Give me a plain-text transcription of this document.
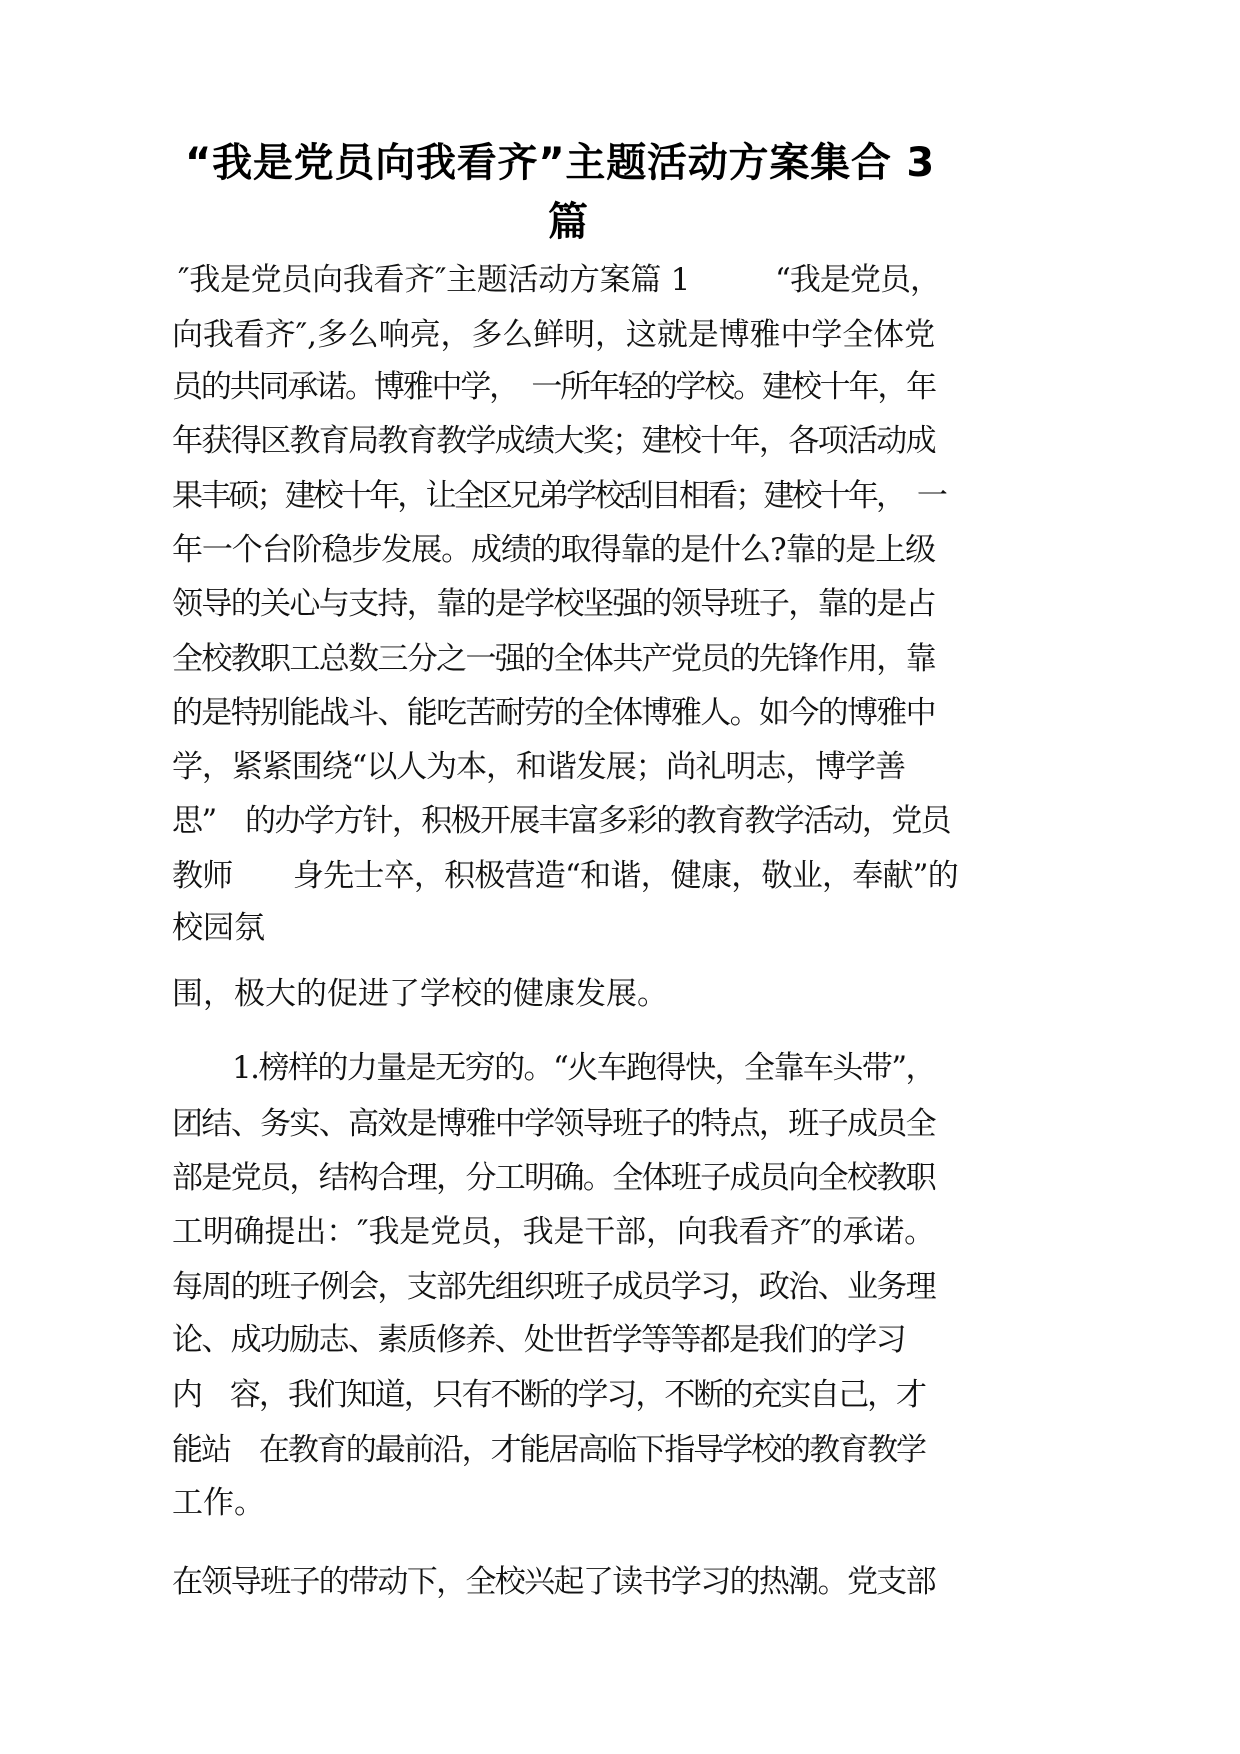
“我是党员向我看齐”主题活动方案集合 3
篇
″我是党员向我看齐″主题活动方案篇 1	“我是党员，
向我看齐″,多么响亮，多么鲜明，这就是博雅中学全体党
员的共同承诺。博雅中学，　一所年轻的学校。建校十年，年
年获得区教育局教育教学成绩大奖；建校十年，各项活动成
果丰硕；建校十年，让全区兄弟学校刮目相看；建校十年，　一
年一个台阶稳步发展。成绩的取得靠的是什么?靠的是上级
领导的关心与支持，靠的是学校坚强的领导班子，靠的是占
全校教职工总数三分之一强的全体共产党员的先锋作用，靠
的是特别能战斗、能吃苦耐劳的全体博雅人。如今的博雅中
学，紧紧围绕“以人为本，和谐发展；尚礼明志，博学善
思”　的办学方针，积极开展丰富多彩的教育教学活动，党员
教师　　身先士卒，积极营造“和谐，健康，敬业，奉献”的
校园氛
围，极大的促进了学校的健康发展。
1.榜样的力量是无穷的。“火车跑得快，全靠车头带”，
团结、务实、高效是博雅中学领导班子的特点，班子成员全
部是党员，结构合理，分工明确。全体班子成员向全校教职
工明确提出：″我是党员，我是干部，向我看齐″的承诺。
每周的班子例会，支部先组织班子成员学习，政治、业务理
论、成功励志、素质修养、处世哲学等等都是我们的学习
内　容，我们知道，只有不断的学习，不断的充实自己，才
能站　在教育的最前沿，才能居高临下指导学校的教育教学
工作。
在领导班子的带动下，全校兴起了读书学习的热潮。党支部
